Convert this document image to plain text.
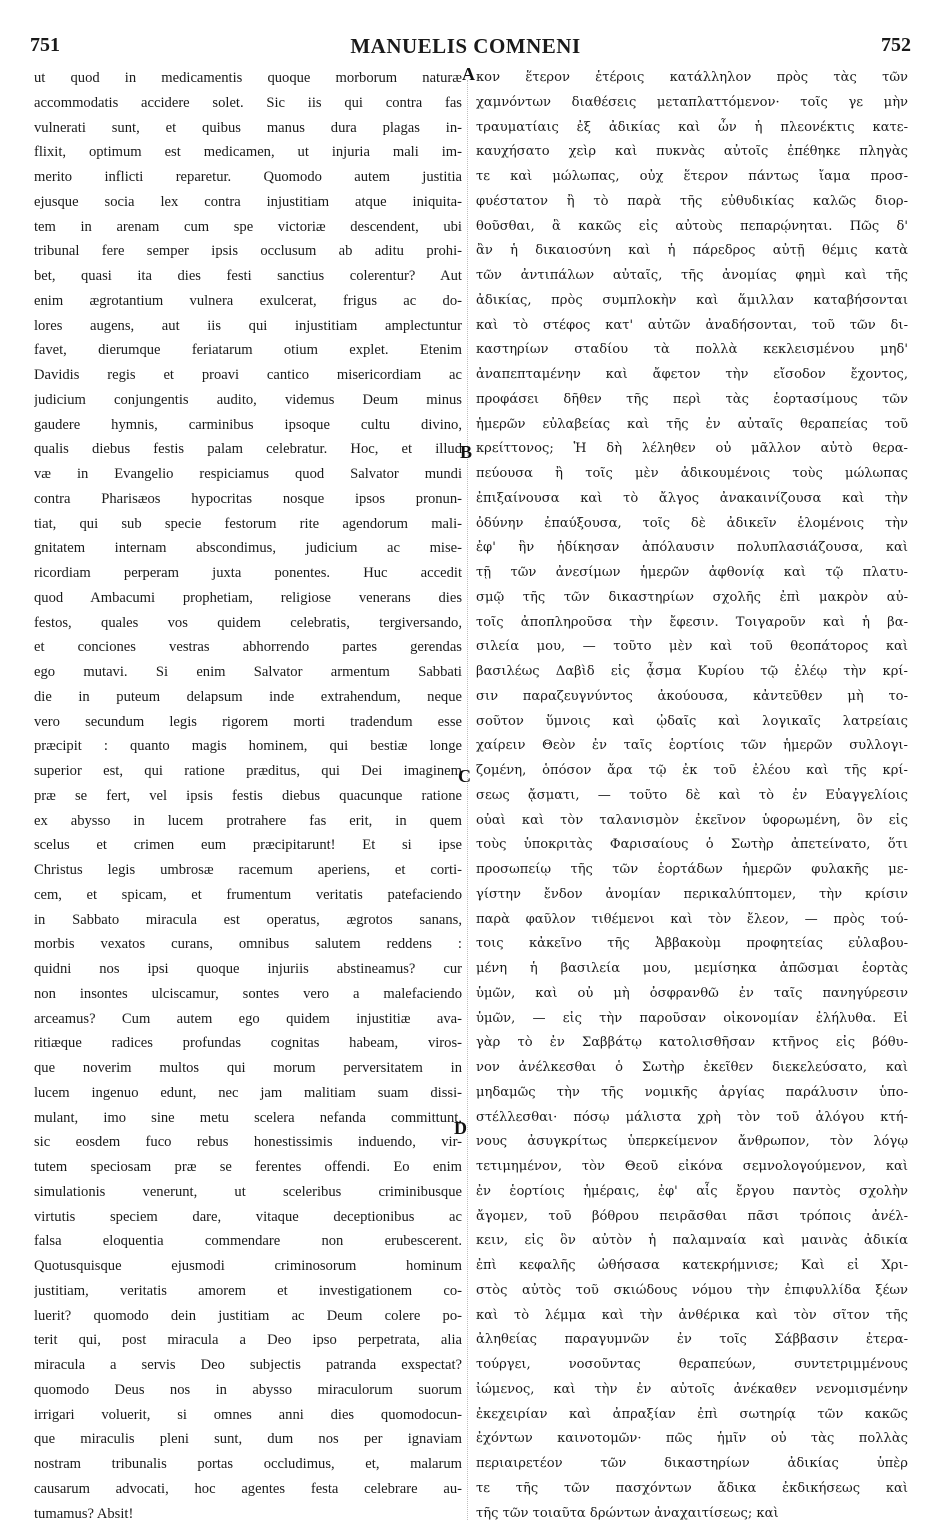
751	MANUELIS COMNENI	752
ut quod in medicamentis quoque morborum naturæ
accommodatis accidere solet. Sic iis qui contra fas
vulnerati sunt, et quibus manus dura plagas in-
flixit, optimum est medicamen, ut injuria mali im-
merito inflicti reparetur. Quomodo autem justitia
ejusque socia lex contra injustitiam atque iniquita-
tem in arenam cum spe victoriæ descendent, ubi
tribunal fere semper ipsis occlusum ab aditu prohi-
bet, quasi ita dies festi sanctius colerentur? Aut
enim ægrotantium vulnera exulcerat, frigus ac do-
lores augens, aut iis qui injustitiam amplectuntur
favet, dierumque feriatarum otium explet. Etenim
Davidis regis et proavi cantico misericordiam ac
judicium conjungentis audito, videmus Deum minus
gaudere hymnis, carminibus ipsoque cultu divino,
qualis diebus festis palam celebratur. Hoc, et illud
væ in Evangelio respiciamus quod Salvator mundi
contra Pharisæos hypocritas nosque ipsos pronun-
tiat, qui sub specie festorum rite agendorum mali-
gnitatem internam abscondimus, judicium ac mise-
ricordiam perperam juxta ponentes. Huc accedit
quod Ambacumi prophetiam, religiose venerans dies
festos, quales vos quidem celebratis, tergiversando,
et conciones vestras abhorrendo partes gerendas
ego mutavi. Si enim Salvator armentum Sabbati
die in puteum delapsum inde extrahendum, neque
vero secundum legis rigorem morti tradendum esse
præcipit : quanto magis hominem, qui bestiæ longe
superior est, qui ratione præditus, qui Dei imaginem
præ se fert, vel ipsis festis diebus quacunque ratione
ex abysso in lucem protrahere fas erit, in quem
scelus et crimen eum præcipitarunt! Et si ipse
Christus legis umbrosæ racemum aperiens, et corti-
cem, et spicam, et frumentum veritatis patefaciendo
in Sabbato miracula est operatus, ægrotos sanans,
morbis vexatos curans, omnibus salutem reddens :
quidni nos ipsi quoque injuriis abstineamus? cur
non insontes ulciscamur, sontes vero a malefaciendo
arceamus? Cum autem ego quidem injustitiæ ava-
ritiæque radices profundas cognitas habeam, viros-
que noverim multos qui morum perversitatem in
lucem ingenuo edunt, nec jam malitiam suam dissi-
mulant, imo sine metu scelera nefanda committunt,
sic eosdem fuco rebus honestissimis induendo, vir-
tutem speciosam præ se ferentes offendi. Eo enim
simulationis venerunt, ut sceleribus criminibusque
virtutis speciem dare, vitaque deceptionibus ac
falsa eloquentia commendare non erubescerent.
Quotusquisque ejusmodi criminosorum hominum
justitiam, veritatis amorem et investigationem co-
luerit? quomodo dein justitiam ac Deum colere po-
terit qui, post miracula a Deo ipso perpetrata, alia
miracula a servis Deo subjectis patranda exspectat?
quomodo Deus nos in abysso miraculorum suorum
irrigari voluerit, si omnes anni dies quomodocun-
que miraculis pleni sunt, dum nos per ignaviam
nostram tribunalis portas occludimus, et, malarum
causarum advocati, hoc agentes festa celebrare au-
tumamus? Absit!
κον ἕτερον ἑτέροις κατάλληλον πρὸς τὰς τῶν
χαμνόντων διαθέσεις μεταπλαττόμενον· τοῖς γε μὴν
τραυματίαις ἐξ ἀδικίας καὶ ὧν ἡ πλεονέκτις κατε-
καυχήσατο χεὶρ καὶ πυκνὰς αὐτοῖς ἐπέθηκε πληγὰς
τε καὶ μώλωπας, οὐχ ἕτερον πάντως ἴαμα προσ-
φυέστατον ἢ τὸ παρὰ τῆς εὐθυδικίας καλῶς διορ-
θοῦσθαι, ἃ κακῶς εἰς αὐτοὺς πεπαρῴνηται. Πῶς δ'
ἂν ἡ δικαιοσύνη καὶ ἡ πάρεδρος αὐτῇ θέμις κατὰ
τῶν ἀντιπάλων αὐταῖς, τῆς ἀνομίας φημὶ καὶ τῆς
ἀδικίας, πρὸς συμπλοκὴν καὶ ἅμιλλαν καταβήσονται
καὶ τὸ στέφος κατ' αὐτῶν ἀναδήσονται, τοῦ τῶν δι-
καστηρίων σταδίου τὰ πολλὰ κεκλεισμένου μηδ'
ἀναπεπταμένην καὶ ἄφετον τὴν εἴσοδον ἔχοντος,
προφάσει δῆθεν τῆς περὶ τὰς ἑορτασίμους τῶν
ἡμερῶν εὐλαβείας καὶ τῆς ἐν αὐταῖς θεραπείας τοῦ
κρείττονος; Ἡ δὴ λέληθεν οὐ μᾶλλον αὐτὸ θερα-
πεύουσα ἢ τοῖς μὲν ἀδικουμένοις τοὺς μώλωπας
ἐπιξαίνουσα καὶ τὸ ἄλγος ἀνακαινίζουσα καὶ τὴν
ὀδύνην ἐπαύξουσα, τοῖς δὲ ἀδικεῖν ἑλομένοις τὴν
ἐφ' ἣν ἠδίκησαν ἀπόλαυσιν πολυπλασιάζουσα, καὶ
τῇ τῶν ἀνεσίμων ἡμερῶν ἀφθονίᾳ καὶ τῷ πλατυ-
σμῷ τῆς τῶν δικαστηρίων σχολῆς ἐπὶ μακρὸν αὐ-
τοῖς ἀποπληροῦσα τὴν ἔφεσιν. Τοιγαροῦν καὶ ἡ βα-
σιλεία μου, — τοῦτο μὲν καὶ τοῦ θεοπάτορος καὶ
βασιλέως Δαβὶδ εἰς ᾆσμα Κυρίου τῷ ἐλέῳ τὴν κρί-
σιν παραζευγνύντος ἀκούουσα, κἀντεῦθεν μὴ το-
σοῦτον ὕμνοις καὶ ᾠδαῖς καὶ λογικαῖς λατρείαις
χαίρειν Θεὸν ἐν ταῖς ἑορτίοις τῶν ἡμερῶν συλλογι-
ζομένη, ὁπόσον ἄρα τῷ ἐκ τοῦ ἐλέου καὶ τῆς κρί-
σεως ᾄσματι, — τοῦτο δὲ καὶ τὸ ἐν Εὐαγγελίοις
οὐαὶ καὶ τὸν ταλανισμὸν ἐκεῖνον ὑφορωμένη, ὃν εἰς
τοὺς ὑποκριτὰς Φαρισαίους ὁ Σωτὴρ ἀπετείνατο, ὅτι
προσωπείῳ τῆς τῶν ἑορτάδων ἡμερῶν φυλακῆς με-
γίστην ἔνδον ἀνομίαν περικαλύπτομεν, τὴν κρίσιν
παρὰ φαῦλον τιθέμενοι καὶ τὸν ἔλεον, — πρὸς τού-
τοις κἀκεῖνο τῆς Ἀββακοὺμ προφητείας εὐλαβου-
μένη ἡ βασιλεία μου, μεμίσηκα ἀπῶσμαι ἑορτὰς
ὑμῶν, καὶ οὐ μὴ ὀσφρανθῶ ἐν ταῖς πανηγύρεσιν
ὑμῶν, — εἰς τὴν παροῦσαν οἰκονομίαν ἐλήλυθα. Εἰ
γὰρ τὸ ἐν Σαββάτῳ κατολισθῆσαν κτῆνος εἰς βόθυ-
νον ἀνέλκεσθαι ὁ Σωτὴρ ἐκεῖθεν διεκελεύσατο, καὶ
μηδαμῶς τὴν τῆς νομικῆς ἀργίας παράλυσιν ὑπο-
στέλλεσθαι· πόσῳ μάλιστα χρὴ τὸν τοῦ ἀλόγου κτή-
νους ἀσυγκρίτως ὑπερκείμενον ἄνθρωπον, τὸν λόγῳ
τετιμημένον, τὸν Θεοῦ εἰκόνα σεμνολογούμενον, καὶ
ἐν ἑορτίοις ἡμέραις, ἐφ' αἷς ἔργου παντὸς σχολὴν
ἄγομεν, τοῦ βόθρου πειρᾶσθαι πᾶσι τρόποις ἀνέλ-
κειν, εἰς ὃν αὐτὸν ἡ παλαμναία καὶ μαινὰς ἀδικία
ἐπὶ κεφαλῆς ὠθήσασα κατεκρήμνισε; Καὶ εἰ Χρι-
στὸς αὐτὸς τοῦ σκιώδους νόμου τὴν ἐπιφυλλίδα ξέων
καὶ τὸ λέμμα καὶ τὴν ἀνθέρικα καὶ τὸν σῖτον τῆς
ἀληθείας παραγυμνῶν ἐν τοῖς Σάββασιν ἐτερα-
τούργει, νοσοῦντας θεραπεύων, συντετριμμένους
ἰώμενος, καὶ τὴν ἐν αὐτοῖς ἀνέκαθεν νενομισμένην
ἐκεχειρίαν καὶ ἀπραξίαν ἐπὶ σωτηρίᾳ τῶν κακῶς
ἐχόντων καινοτομῶν· πῶς ἡμῖν οὐ τὰς πολλὰς
περιαιρετέον τῶν δικαστηρίων ἀδικίας ὑπὲρ
τε τῆς τῶν πασχόντων ἄδικα ἐκδικήσεως καὶ
τῆς τῶν τοιαῦτα δρώντων ἀναχαιτίσεως; καὶ
A
B
C
D
